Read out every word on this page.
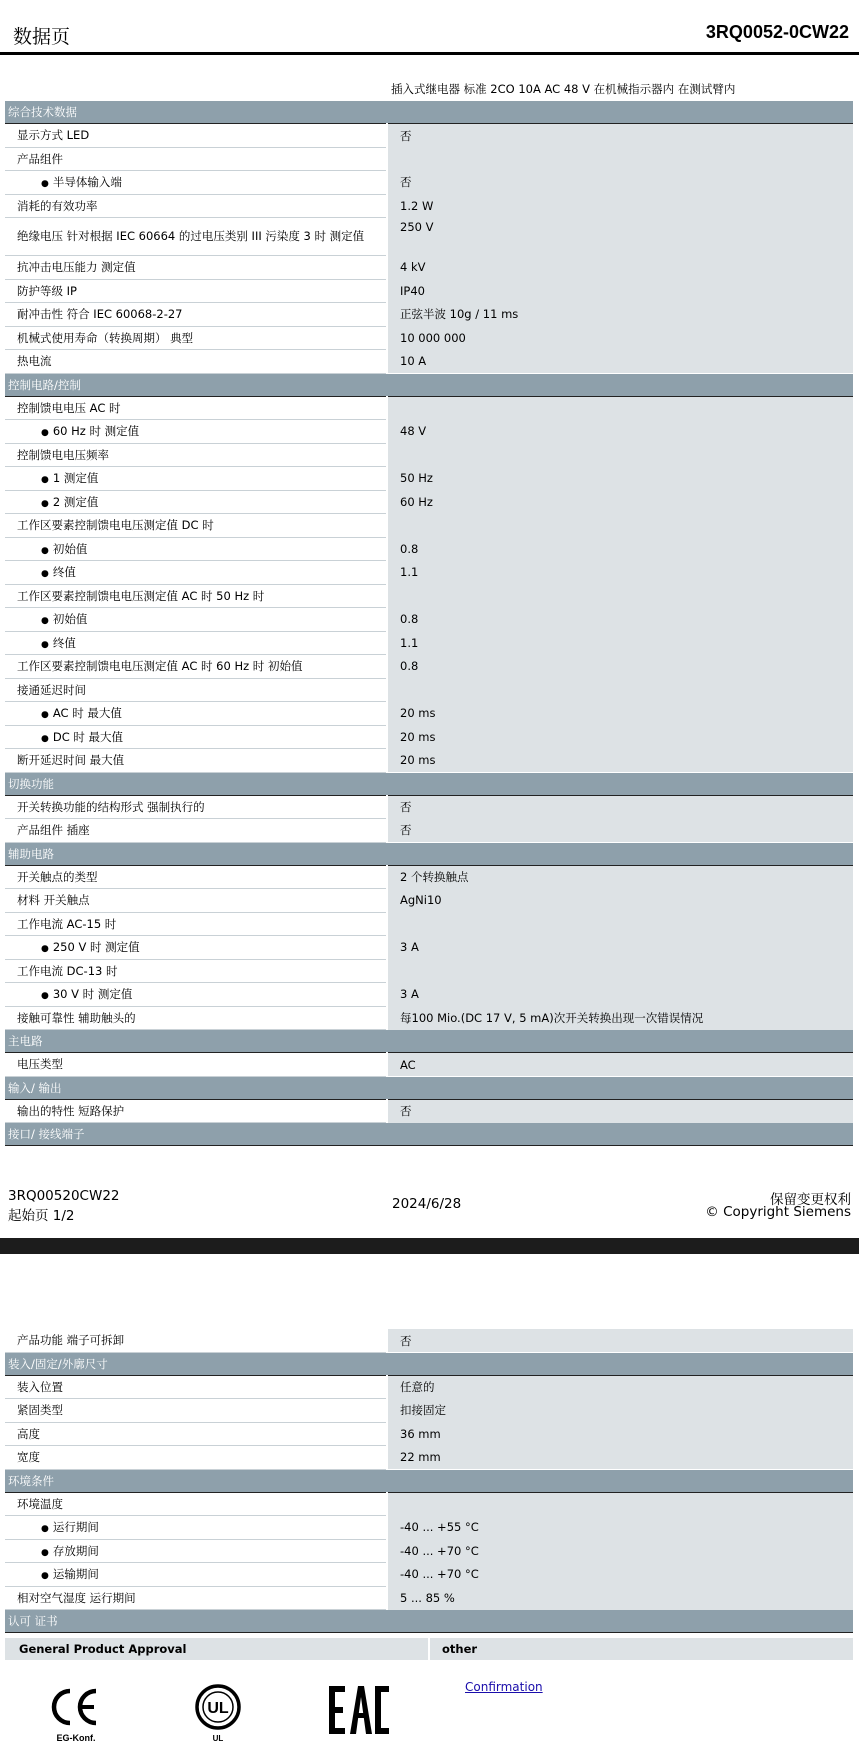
数据页	3RQ0052-0CW22
插入式继电器 标准 2CO 10A AC 48 V 在机械指示器内 在测试臂内
综合技术数据	
显示方式 LED	否
产品组件	
● 半导体输入端	否
消耗的有效功率	1.2 W
绝缘电压 针对根据 IEC 60664 的过电压类别 III 污染度 3 时 测定值	250 V
抗冲击电压能力 测定值	4 kV
防护等级 IP	IP40
耐冲击性 符合 IEC 60068-2-27	正弦半波 10g / 11 ms
机械式使用寿命（转换周期） 典型	10 000 000
热电流	10 A
控制电路/控制	
控制馈电电压 AC 时	
● 60 Hz 时 测定值	48 V
控制馈电电压频率	
● 1 测定值	50 Hz
● 2 测定值	60 Hz
工作区要素控制馈电电压测定值 DC 时	
● 初始值	0.8
● 终值	1.1
工作区要素控制馈电电压测定值 AC 时 50 Hz 时	
● 初始值	0.8
● 终值	1.1
工作区要素控制馈电电压测定值 AC 时 60 Hz 时 初始值	0.8
接通延迟时间	
● AC 时 最大值	20 ms
● DC 时 最大值	20 ms
断开延迟时间 最大值	20 ms
切换功能	
开关转换功能的结构形式 强制执行的	否
产品组件 插座	否
辅助电路	
开关触点的类型	2 个转换触点
材料 开关触点	AgNi10
工作电流 AC-15 时	
● 250 V 时 测定值	3 A
工作电流 DC-13 时	
● 30 V 时 测定值	3 A
接触可靠性 辅助触头的	每100 Mio.(DC 17 V, 5 mA)次开关转换出现一次错误情况
主电路	
电压类型	AC
输入/ 输出	
输出的特性 短路保护	否
接口/ 接线端子	
3RQ00520CW22
起始页 1/2
2024/6/28	保留变更权利
© Copyright Siemens
产品功能 端子可拆卸	否
装入/固定/外廓尺寸	
装入位置	任意的
紧固类型	扣接固定
高度	36 mm
宽度	22 mm
环境条件	
环境温度	
● 运行期间	-40 ... +55 °C
● 存放期间	-40 ... +70 °C
● 运输期间	-40 ... +70 °C
相对空气湿度 运行期间	5 ... 85 %
认可 证书	
General Product Approval	other
EG-Konf.
UL
UL
Confirmation
